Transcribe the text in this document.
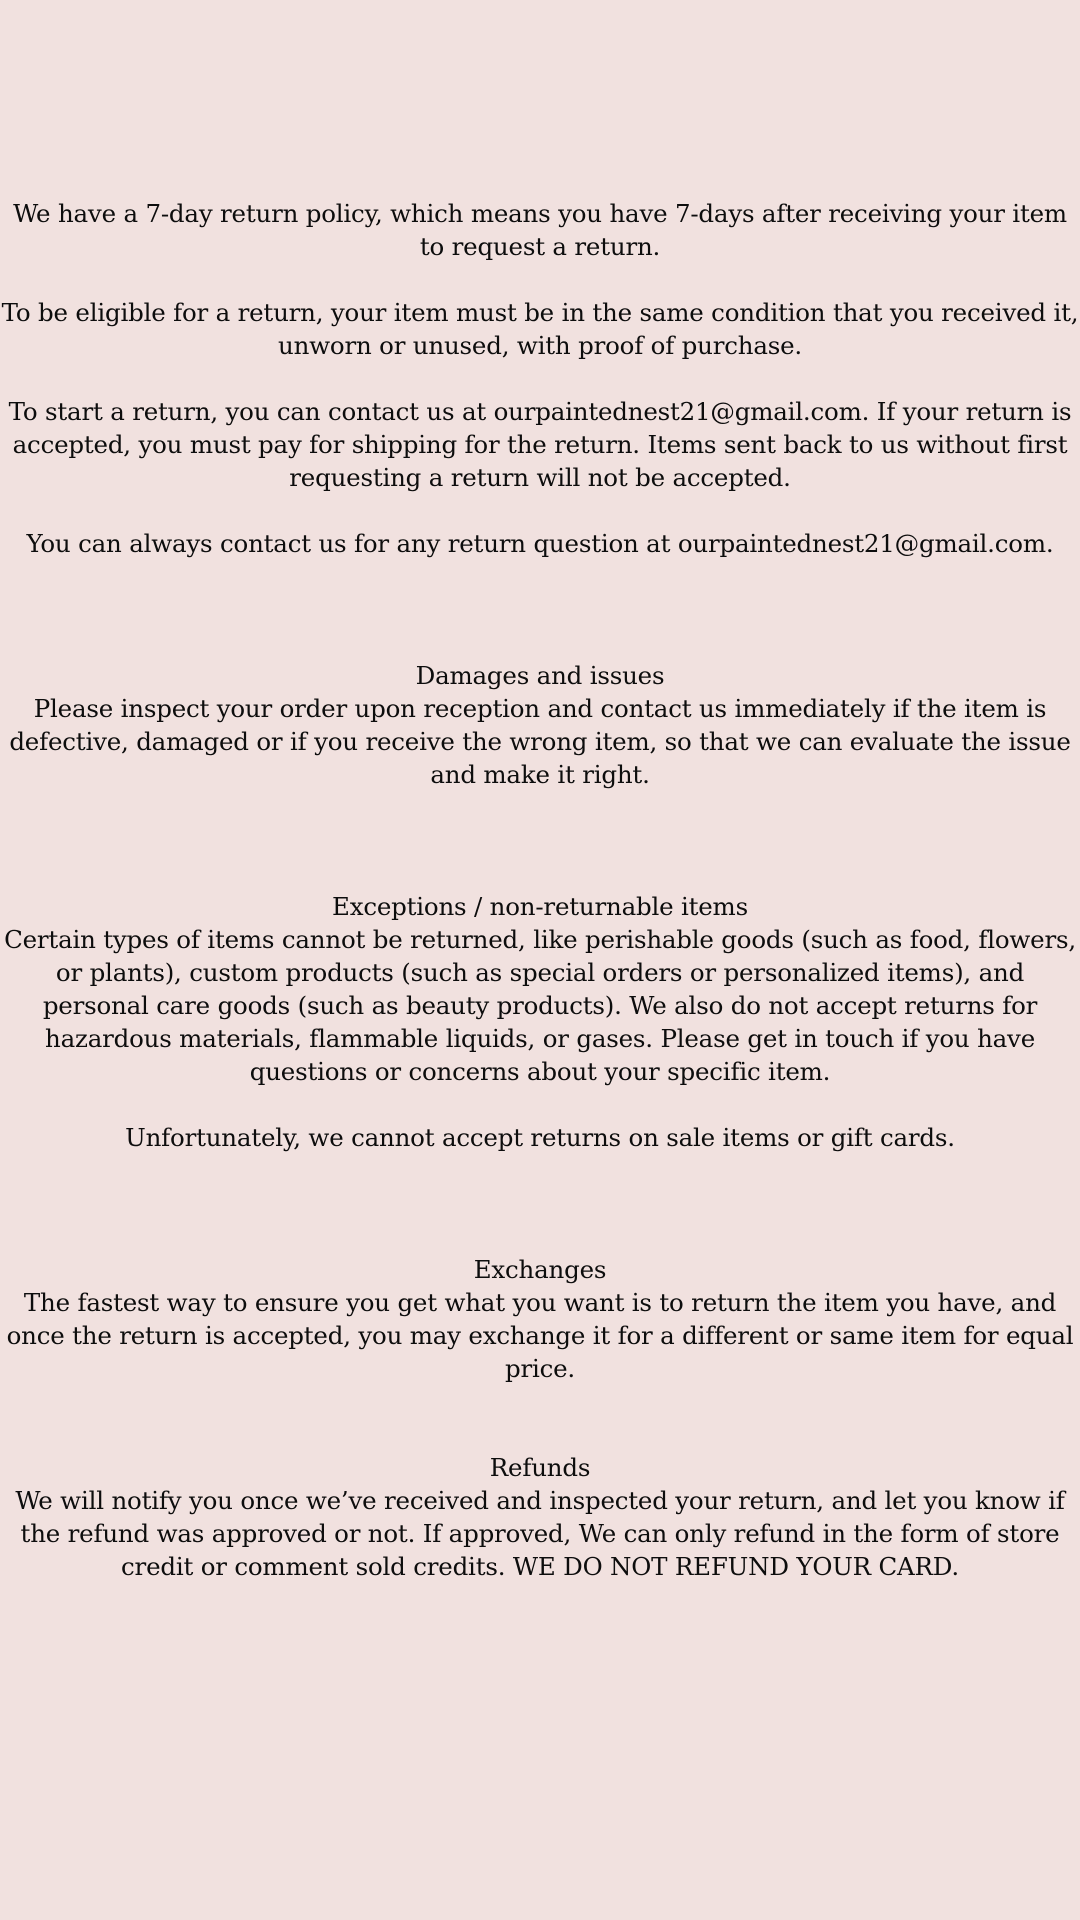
We have a 7-day return policy, which means you have 7-days after receiving your item to request a return.

To be eligible for a return, your item must be in the same condition that you received it, unworn or unused, with proof of purchase.

To start a return, you can contact us at ourpaintednest21@gmail.com. If your return is accepted, you must pay for shipping for the return. Items sent back to us without first requesting a return will not be accepted.

You can always contact us for any return question at ourpaintednest21@gmail.com.

Damages and issues

Please inspect your order upon reception and contact us immediately if the item is defective, damaged or if you receive the wrong item, so that we can evaluate the issue and make it right.

Exceptions / non-returnable items

Certain types of items cannot be returned, like perishable goods (such as food, flowers, or plants), custom products (such as special orders or personalized items), and personal care goods (such as beauty products). We also do not accept returns for hazardous materials, flammable liquids, or gases. Please get in touch if you have questions or concerns about your specific item.

Unfortunately, we cannot accept returns on sale items or gift cards.

Exchanges

The fastest way to ensure you get what you want is to return the item you have, and once the return is accepted, you may exchange it for a different or same item for equal price.

Refunds

We will notify you once we’ve received and inspected your return, and let you know if the refund was approved or not. If approved, We can only refund in the form of store credit or comment sold credits. WE DO NOT REFUND YOUR CARD.
